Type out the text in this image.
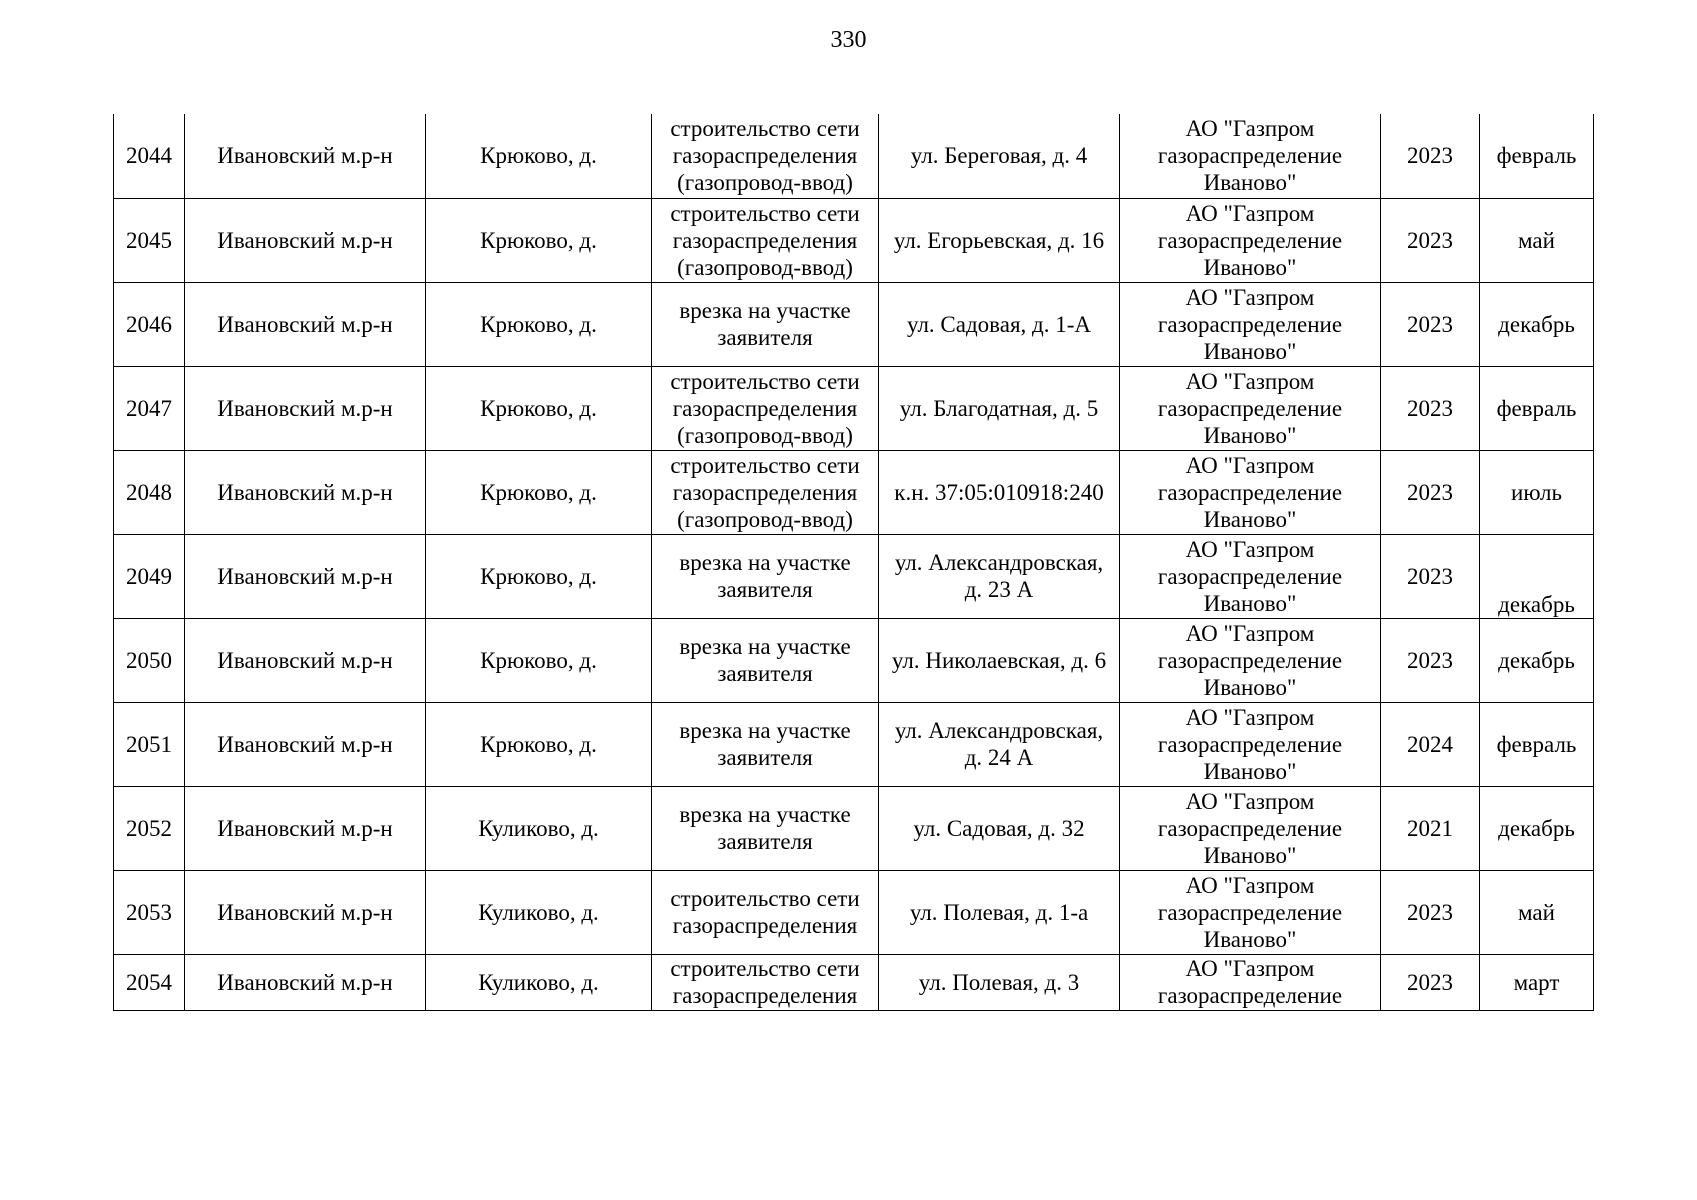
330
2044	Ивановский м.р-н	Крюково, д.	строительство сети газораспределения (газопровод-ввод)	ул. Береговая, д. 4	АО "Газпром газораспределение Иваново"	2023	февраль
2045	Ивановский м.р-н	Крюково, д.	строительство сети газораспределения (газопровод-ввод)	ул. Егорьевская, д. 16	АО "Газпром газораспределение Иваново"	2023	май
2046	Ивановский м.р-н	Крюково, д.	врезка на участке заявителя	ул. Садовая, д. 1-А	АО "Газпром газораспределение Иваново"	2023	декабрь
2047	Ивановский м.р-н	Крюково, д.	строительство сети газораспределения (газопровод-ввод)	ул. Благодатная, д. 5	АО "Газпром газораспределение Иваново"	2023	февраль
2048	Ивановский м.р-н	Крюково, д.	строительство сети газораспределения (газопровод-ввод)	к.н. 37:05:010918:240	АО "Газпром газораспределение Иваново"	2023	июль
2049	Ивановский м.р-н	Крюково, д.	врезка на участке заявителя	ул. Александровская, д. 23 А	АО "Газпром газораспределение Иваново"	2023	декабрь
2050	Ивановский м.р-н	Крюково, д.	врезка на участке заявителя	ул. Николаевская, д. 6	АО "Газпром газораспределение Иваново"	2023	декабрь
2051	Ивановский м.р-н	Крюково, д.	врезка на участке заявителя	ул. Александровская, д. 24 А	АО "Газпром газораспределение Иваново"	2024	февраль
2052	Ивановский м.р-н	Куликово, д.	врезка на участке заявителя	ул. Садовая, д. 32	АО "Газпром газораспределение Иваново"	2021	декабрь
2053	Ивановский м.р-н	Куликово, д.	строительство сети газораспределения	ул. Полевая, д. 1-а	АО "Газпром газораспределение Иваново"	2023	май
2054	Ивановский м.р-н	Куликово, д.	строительство сети газораспределения	ул. Полевая, д. 3	АО "Газпром газораспределение	2023	март
